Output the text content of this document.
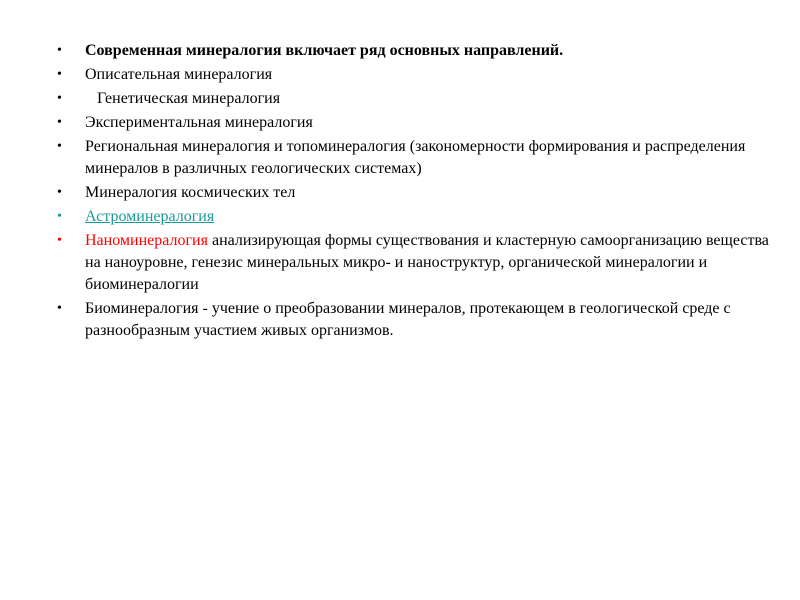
•	Современная минералогия включает ряд основных направлений.
•	Описательная минералогия
•	Генетическая минералогия
•	Экспериментальная минералогия
•	Региональная минералогия и топоминералогия (закономерности формирования и распределения минералов в различных геологических системах)
•	Минералогия космических тел
•	Астроминералогия
•	Наноминералогия анализирующая формы существования и кластерную самоорганизацию вещества на наноуровне, генезис минеральных микро- и наноструктур, органической минералогии и биоминералогии
•	Биоминералогия - учение о преобразовании минералов, протекающем в геологической среде с разнообразным участием живых организмов.
